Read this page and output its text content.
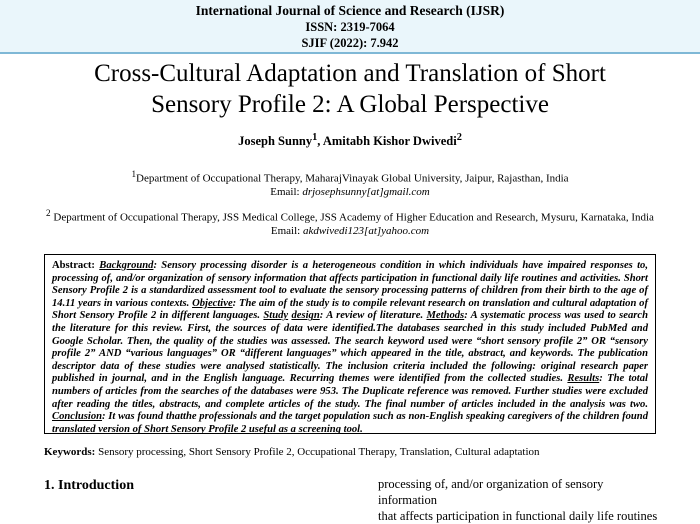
International Journal of Science and Research (IJSR)
ISSN: 2319-7064
SJIF (2022): 7.942
Cross-Cultural Adaptation and Translation of Short
Sensory Profile 2: A Global Perspective
Joseph Sunny$^1$, Amitabh Kishor Dwivedi$^2$
$^1$Department of Occupational Therapy, MaharajVinayak Global University, Jaipur, Rajasthan, India
Email: drjosephsunny[at]gmail.com
$^2$ Department of Occupational Therapy, JSS Medical College, JSS Academy of Higher Education and Research, Mysuru, Karnataka, India
Email: akdwivedi123[at]yahoo.com
Abstract: Background: Sensory processing disorder is a heterogeneous condition in which individuals have impaired responses to, processing of, and/or organization of sensory information that affects participation in functional daily life routines and activities. Short Sensory Profile 2 is a standardized assessment tool to evaluate the sensory processing patterns of children from their birth to the age of 14.11 years in various contexts. Objective: The aim of the study is to compile relevant research on translation and cultural adaptation of Short Sensory Profile 2 in different languages. Study design: A review of literature. Methods: A systematic process was used to search the literature for this review. First, the sources of data were identified.The databases searched in this study included PubMed and Google Scholar. Then, the quality of the studies was assessed. The search keyword used were “short sensory profile 2” OR “sensory profile 2” AND “various languages” OR “different languages” which appeared in the title, abstract, and keywords. The publication descriptor data of these studies were analysed statistically. The inclusion criteria included the following: original research paper published in journal, and in the English language. Recurring themes were identified from the collected studies. Results: The total numbers of articles from the searches of the databases were 953. The Duplicate reference was removed. Further studies were excluded after reading the titles, abstracts, and complete articles of the study. The final number of articles included in the analysis was two. Conclusion: It was found thatthe professionals and the target population such as non-English speaking caregivers of the children found translated version of Short Sensory Profile 2 useful as a screening tool.
Keywords: Sensory processing, Short Sensory Profile 2, Occupational Therapy, Translation, Cultural adaptation
1. Introduction	processing of, and/or organization of sensory information
that affects participation in functional daily life routines
